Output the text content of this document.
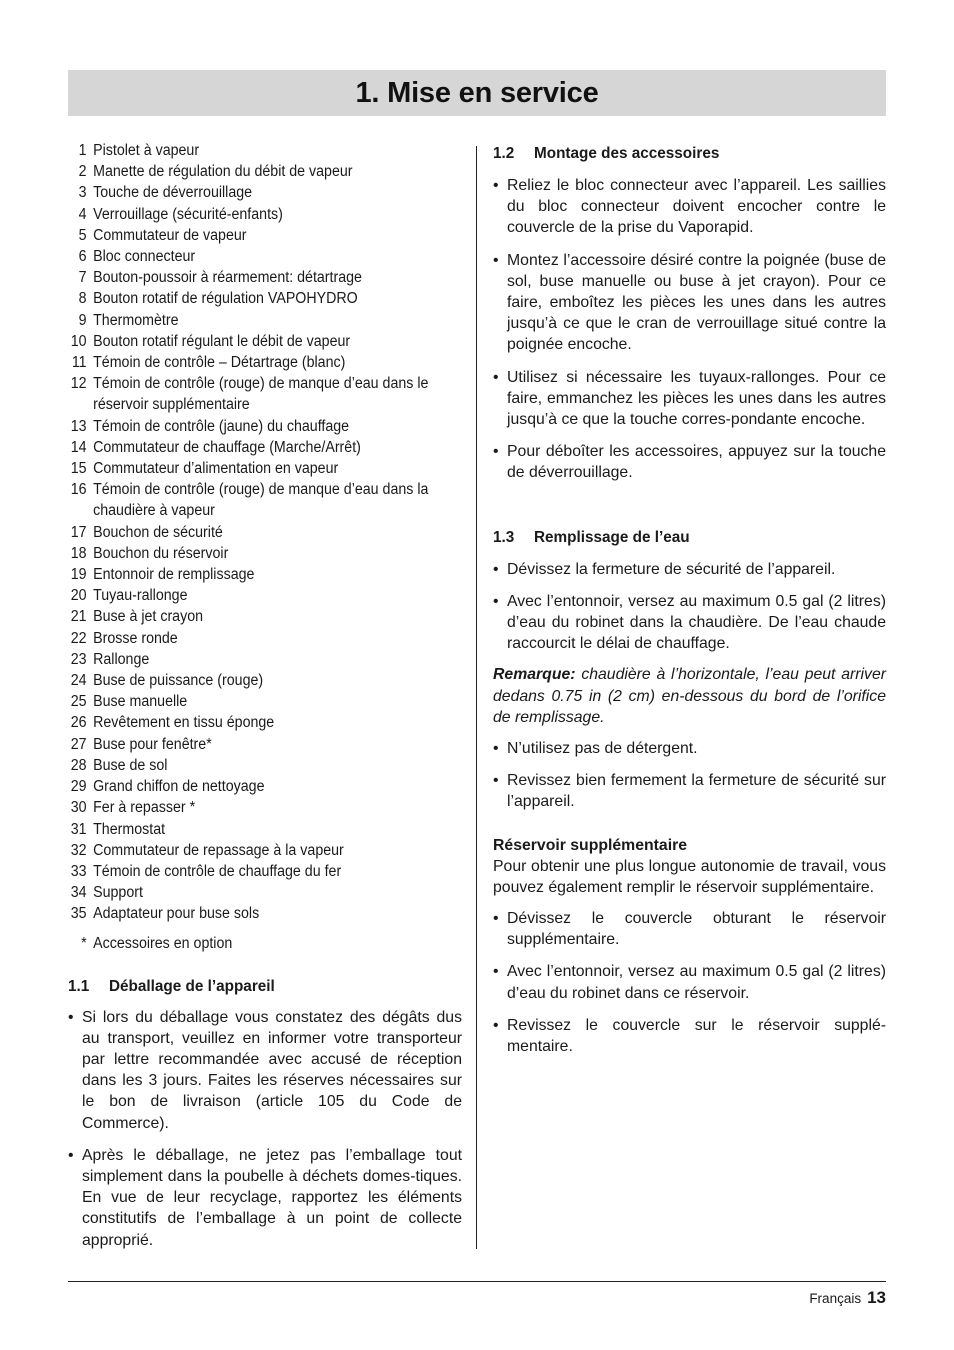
1. Mise en service
1 Pistolet à vapeur
2 Manette de régulation du débit de vapeur
3 Touche de déverrouillage
4 Verrouillage (sécurité-enfants)
5 Commutateur de vapeur
6 Bloc connecteur
7 Bouton-poussoir à réarmement: détartrage
8 Bouton rotatif de régulation VAPOHYDRO
9 Thermomètre
10 Bouton rotatif régulant le débit de vapeur
11 Témoin de contrôle – Détartrage (blanc)
12 Témoin de contrôle (rouge) de manque d’eau dans le réservoir supplémentaire
13 Témoin de contrôle (jaune) du chauffage
14 Commutateur de chauffage (Marche/Arrêt)
15 Commutateur d’alimentation en vapeur
16 Témoin de contrôle (rouge) de manque d’eau dans la chaudière à vapeur
17 Bouchon de sécurité
18 Bouchon du réservoir
19 Entonnoir de remplissage
20 Tuyau-rallonge
21 Buse à jet crayon
22 Brosse ronde
23 Rallonge
24 Buse de puissance (rouge)
25 Buse manuelle
26 Revêtement en tissu éponge
27 Buse pour fenêtre*
28 Buse de sol
29 Grand chiffon de nettoyage
30 Fer à repasser *
31 Thermostat
32 Commutateur de repassage à la vapeur
33 Témoin de contrôle de chauffage du fer
34 Support
35 Adaptateur pour buse sols
* Accessoires en option
1.1 Déballage de l’appareil
• Si lors du déballage vous constatez des dégâts dus au transport, veuillez en informer votre transporteur par lettre recommandée avec accusé de réception dans les 3 jours. Faites les réserves nécessaires sur le bon de livraison (article 105 du Code de Commerce).
• Après le déballage, ne jetez pas l’emballage tout simplement dans la poubelle à déchets domes-tiques. En vue de leur recyclage, rapportez les éléments constitutifs de l’emballage à un point de collecte approprié.
1.2 Montage des accessoires
• Reliez le bloc connecteur avec l’appareil. Les saillies du bloc connecteur doivent encocher contre le couvercle de la prise du Vaporapid.
• Montez l’accessoire désiré contre la poignée (buse de sol, buse manuelle ou buse à jet crayon). Pour ce faire, emboîtez les pièces les unes dans les autres jusqu’à ce que le cran de verrouillage situé contre la poignée encoche.
• Utilisez si nécessaire les tuyaux-rallonges. Pour ce faire, emmanchez les pièces les unes dans les autres jusqu’à ce que la touche corres-pondante encoche.
• Pour déboîter les accessoires, appuyez sur la touche de déverrouillage.
1.3 Remplissage de l’eau
• Dévissez la fermeture de sécurité de l’appareil.
• Avec l’entonnoir, versez au maximum 0.5 gal (2 litres) d’eau du robinet dans la chaudière. De l’eau chaude raccourcit le délai de chauffage.

Remarque: chaudière à l’horizontale, l’eau peut arriver dedans 0.75 in (2 cm) en-dessous du bord de l’orifice de remplissage.

• N’utilisez pas de détergent.
• Revissez bien fermement la fermeture de sécurité sur l’appareil.
Réservoir supplémentaire

Pour obtenir une plus longue autonomie de travail, vous pouvez également remplir le réservoir supplémentaire.

• Dévissez le couvercle obturant le réservoir supplémentaire.
• Avec l’entonnoir, versez au maximum 0.5 gal (2 litres) d’eau du robinet dans ce réservoir.
• Revissez le couvercle sur le réservoir supplé-mentaire.
Français 13
